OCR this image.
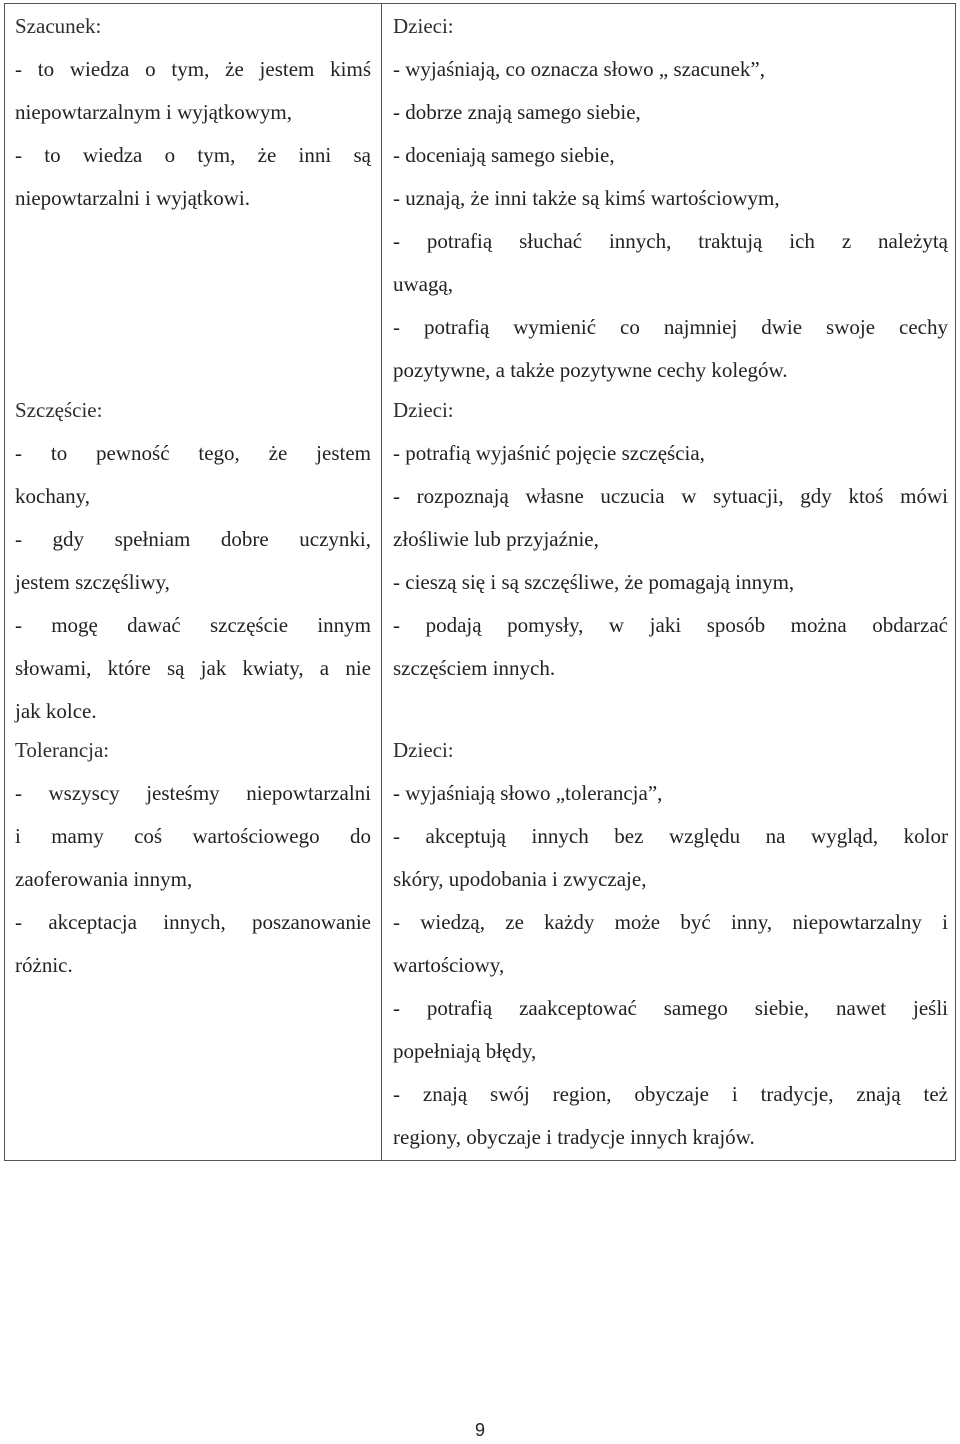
Szacunek:

- to wiedza o tym, że jestem kimś

niepowtarzalnym i wyjątkowym,

- to wiedza o tym, że inni są

niepowtarzalni i wyjątkowi.

Dzieci:

- wyjaśniają, co oznacza słowo „ szacunek”,

- dobrze znają samego siebie,

- doceniają samego siebie,

- uznają, że inni także są kimś wartościowym,

- potrafią słuchać innych, traktują ich z należytą

uwagą,

- potrafią wymienić co najmniej dwie swoje cechy

pozytywne, a także pozytywne cechy kolegów.

Szczęście:

- to pewność tego, że jestem

kochany,

- gdy spełniam dobre uczynki,

jestem szczęśliwy,

- mogę dawać szczęście innym

słowami, które są jak kwiaty, a nie

jak kolce.

Dzieci:

- potrafią wyjaśnić pojęcie szczęścia,

- rozpoznają własne uczucia w sytuacji, gdy ktoś mówi

złośliwie lub przyjaźnie,

- cieszą się i są szczęśliwe, że pomagają innym,

- podają pomysły, w jaki sposób można obdarzać

szczęściem innych.

Tolerancja:

- wszyscy jesteśmy niepowtarzalni

i mamy coś wartościowego do

zaoferowania innym,

- akceptacja innych, poszanowanie

różnic.

Dzieci:

- wyjaśniają słowo „tolerancja”,

- akceptują innych bez względu na wygląd, kolor

skóry, upodobania i zwyczaje,

- wiedzą, ze każdy może być inny, niepowtarzalny i

wartościowy,

- potrafią zaakceptować samego siebie, nawet jeśli

popełniają błędy,

- znają swój region, obyczaje i tradycje, znają też

regiony, obyczaje i tradycje innych krajów.

9
